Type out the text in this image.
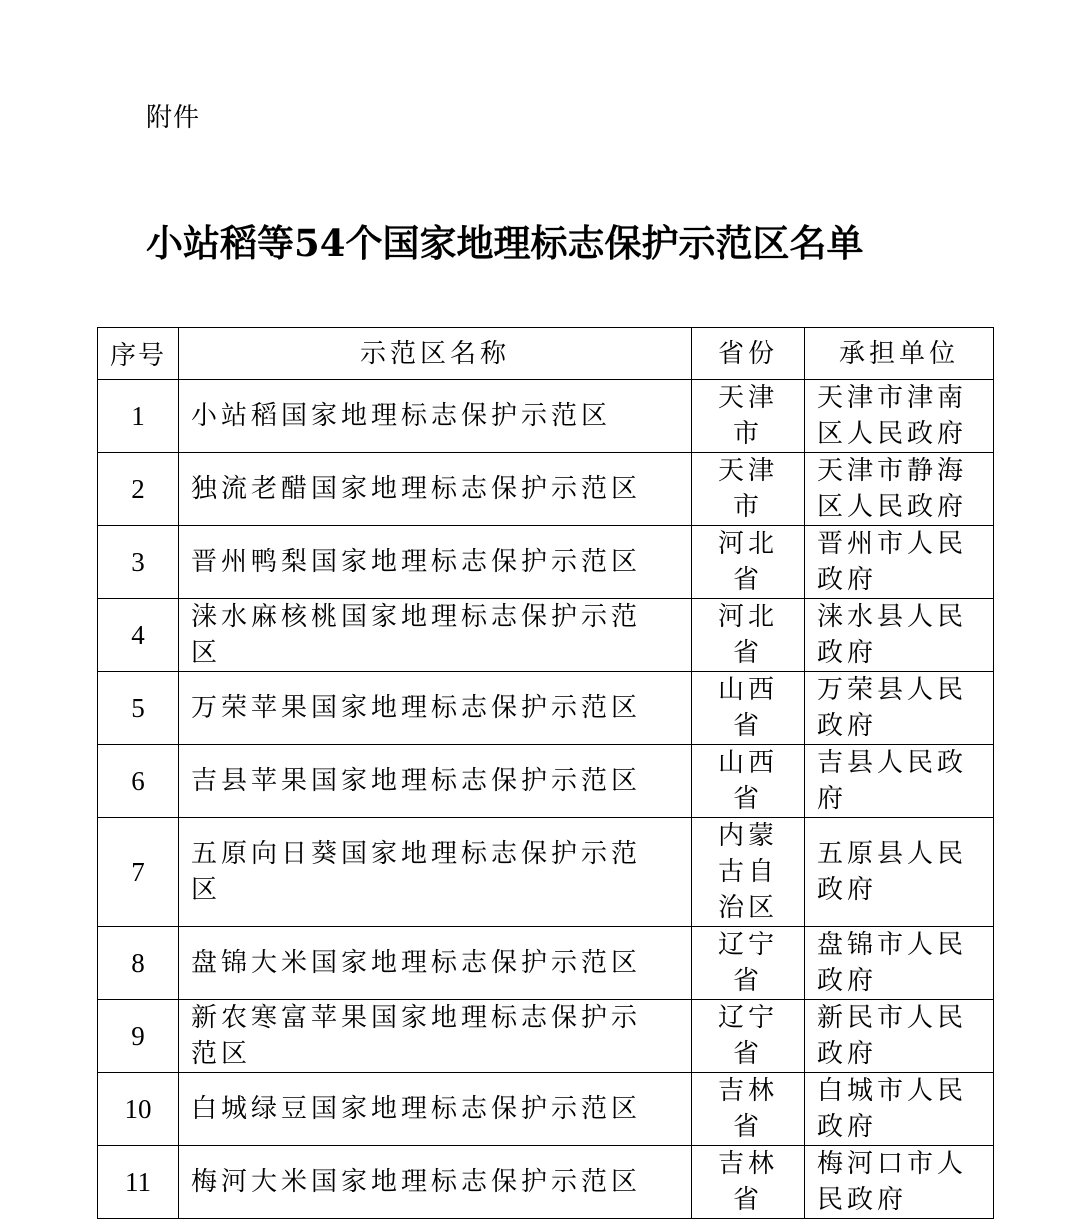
附件
小站稻等54个国家地理标志保护示范区名单
序号	示范区名称	省份	承担单位
1	小站稻国家地理标志保护示范区	天津市	天津市津南区人民政府

2	独流老醋国家地理标志保护示范区	天津市	天津市静海区人民政府

3	晋州鸭梨国家地理标志保护示范区	河北省	晋州市人民政府

4	涞水麻核桃国家地理标志保护示范区	河北省	涞水县人民政府

5	万荣苹果国家地理标志保护示范区	山西省	万荣县人民政府

6	吉县苹果国家地理标志保护示范区	山西省	吉县人民政府

7	五原向日葵国家地理标志保护示范区	内蒙古自治区	五原县人民政府

8	盘锦大米国家地理标志保护示范区	辽宁省	盘锦市人民政府

9	新农寒富苹果国家地理标志保护示范区	辽宁省	新民市人民政府

10	白城绿豆国家地理标志保护示范区	吉林省	白城市人民政府

11	梅河大米国家地理标志保护示范区	吉林省	梅河口市人民政府
